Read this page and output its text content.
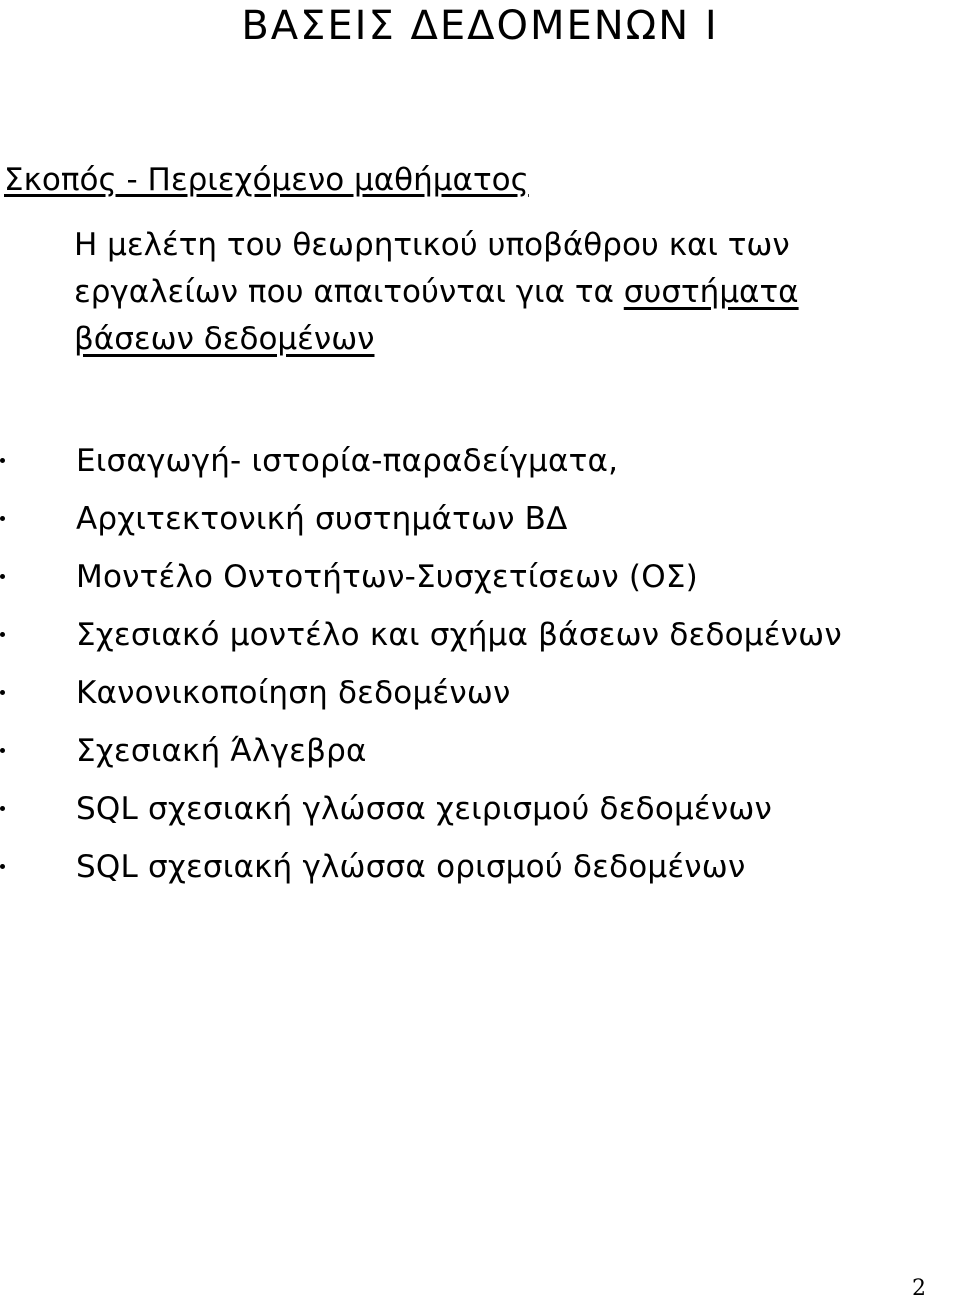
ΒΑΣΕΙΣ ΔΕΔΟΜΕΝΩΝ Ι
Σκοπός - Περιεχόμενο μαθήματος
Η μελέτη του θεωρητικού υποβάθρου και των
εργαλείων που απαιτούνται για τα συστήματα
βάσεων δεδομένων
Εισαγωγή- ιστορία-παραδείγματα,
Αρχιτεκτονική συστημάτων ΒΔ
Μοντέλο Οντοτήτων-Συσχετίσεων (ΟΣ)
Σχεσιακό μοντέλο και σχήμα βάσεων δεδομένων
Κανονικοποίηση δεδομένων
Σχεσιακή Άλγεβρα
SQL σχεσιακή γλώσσα χειρισμού δεδομένων
SQL σχεσιακή γλώσσα ορισμού δεδομένων
2
